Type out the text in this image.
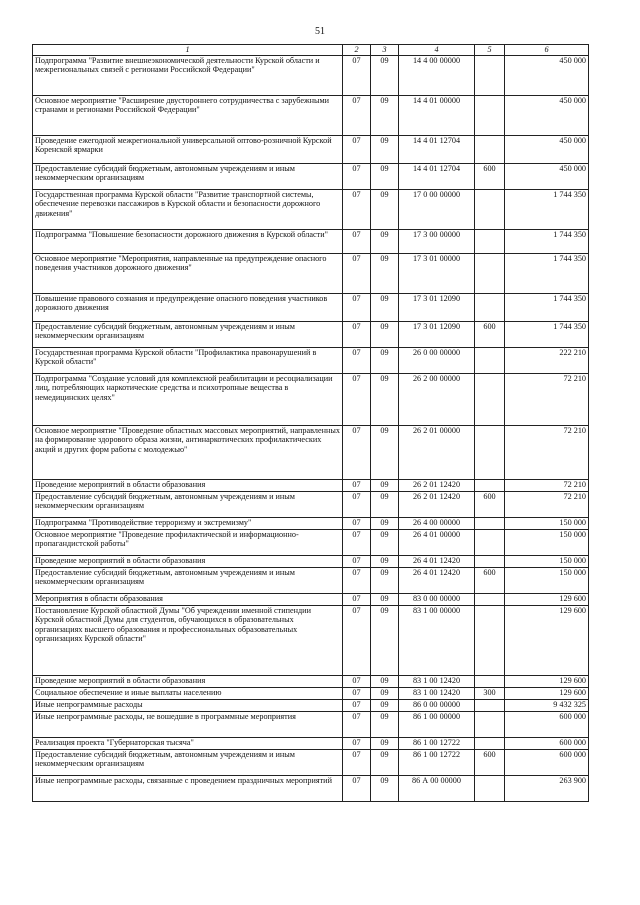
51
1	2	3	4	5	6
Подпрограмма "Развитие внешнеэкономической деятельности Курской области и межрегиональных связей с регионами Российской Федерации"	07	09	14 4 00 00000		450 000
Основное мероприятие "Расширение двустороннего сотрудничества с зарубежными странами и регионами Российской Федерации"	07	09	14 4 01 00000		450 000
Проведение ежегодной межрегиональной универсальной оптово-розничной Курской Коренской ярмарки	07	09	14 4 01 12704		450 000
Предоставление субсидий бюджетным, автономным учреждениям и иным некоммерческим организациям	07	09	14 4 01 12704	600	450 000
Государственная программа Курской области "Развитие транспортной системы, обеспечение перевозки пассажиров в Курской области и безопасности дорожного движения"	07	09	17 0 00 00000		1 744 350
Подпрограмма "Повышение безопасности дорожного движения в Курской области"	07	09	17 3 00 00000		1 744 350
Основное мероприятие "Мероприятия, направленные на предупреждение опасного поведения участников дорожного движения"	07	09	17 3 01 00000		1 744 350
Повышение правового сознания и предупреждение опасного поведения участников дорожного движения	07	09	17 3 01 12090		1 744 350
Предоставление субсидий бюджетным, автономным учреждениям и иным некоммерческим организациям	07	09	17 3 01 12090	600	1 744 350
Государственная программа Курской области "Профилактика правонарушений в Курской области"	07	09	26 0 00 00000		222 210
Подпрограмма "Создание условий для комплексной реабилитации и ресоциализации лиц, потребляющих наркотические средства и психотропные вещества в немедицинских целях"	07	09	26 2 00 00000		72 210
Основное мероприятие "Проведение областных массовых мероприятий, направленных на формирование здорового образа жизни, антинаркотических профилактических акций и других форм работы с молодежью"	07	09	26 2 01 00000		72 210
Проведение мероприятий в области образования	07	09	26 2 01 12420		72 210
Предоставление субсидий бюджетным, автономным учреждениям и иным некоммерческим организациям	07	09	26 2 01 12420	600	72 210
Подпрограмма "Противодействие терроризму и экстремизму"	07	09	26 4 00 00000		150 000
Основное мероприятие "Проведение профилактической и информационно-пропагандистской работы"	07	09	26 4 01 00000		150 000
Проведение мероприятий в области образования	07	09	26 4 01 12420		150 000
Предоставление субсидий бюджетным, автономным учреждениям и иным некоммерческим организациям	07	09	26 4 01 12420	600	150 000
Мероприятия в области образования	07	09	83 0 00 00000		129 600
Постановление Курской областной Думы "Об учреждении именной стипендии Курской областной Думы для студентов, обучающихся в образовательных организациях высшего образования и профессиональных образовательных организациях Курской области"	07	09	83 1 00 00000		129 600
Проведение мероприятий в области образования	07	09	83 1 00 12420		129 600
Социальное обеспечение и иные выплаты населению	07	09	83 1 00 12420	300	129 600
Иные непрограммные расходы	07	09	86 0 00 00000		9 432 325
Иные непрограммные расходы, не вошедшие в программные мероприятия	07	09	86 1 00 00000		600 000
Реализация проекта "Губернаторская тысяча"	07	09	86 1 00 12722		600 000
Предоставление субсидий бюджетным, автономным учреждениям и иным некоммерческим организациям	07	09	86 1 00 12722	600	600 000
Иные непрограммные расходы, связанные с проведением праздничных мероприятий	07	09	86 А 00 00000		263 900
